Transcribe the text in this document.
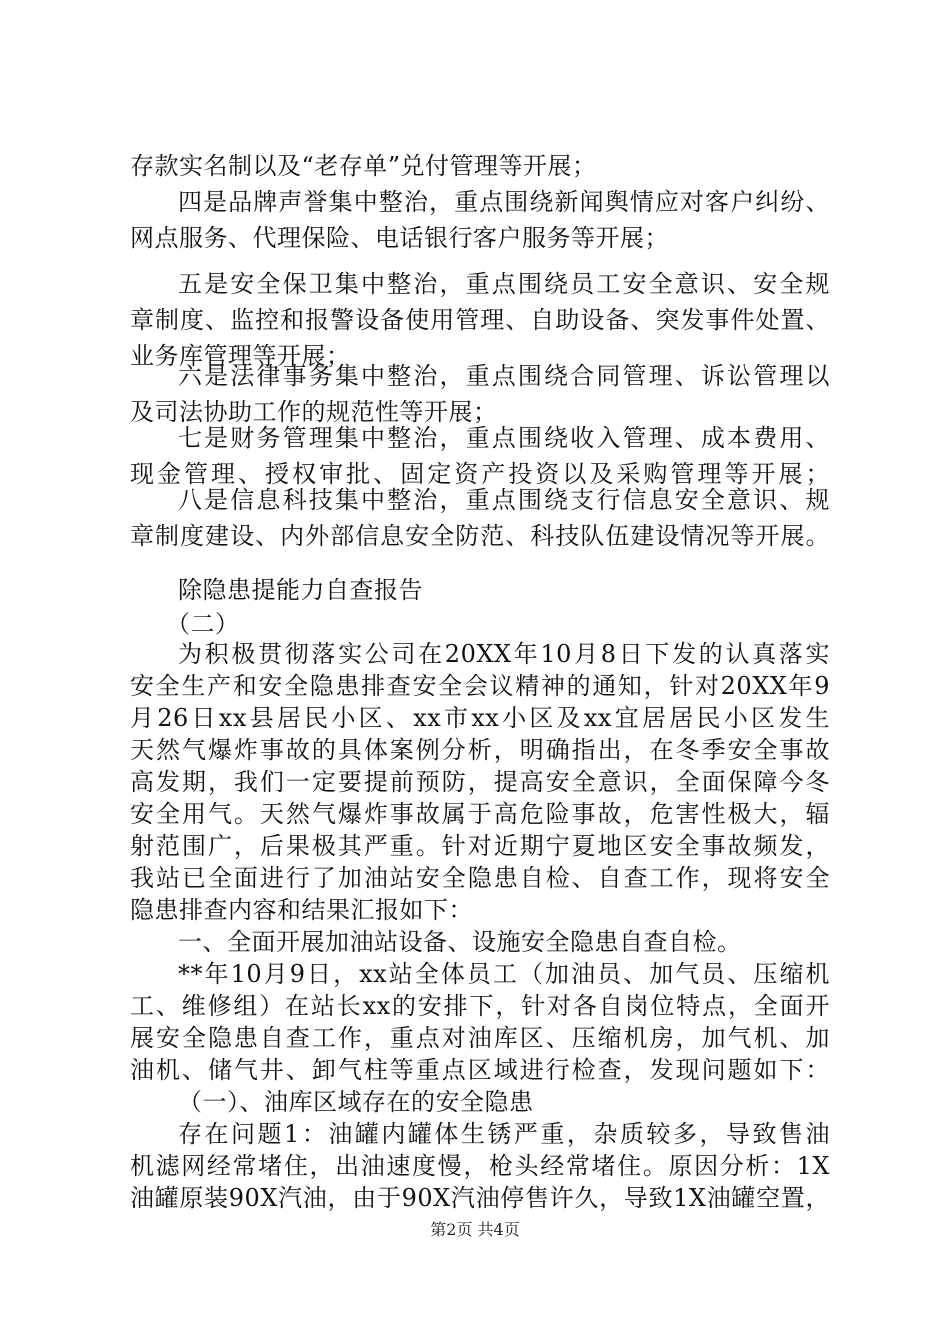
存款实名制以及“老存单”兑付管理等开展；
四是品牌声誉集中整治，重点围绕新闻舆情应对客户纠纷、
网点服务、代理保险、电话银行客户服务等开展；
五是安全保卫集中整治，重点围绕员工安全意识、安全规
章制度、监控和报警设备使用管理、自助设备、突发事件处置、
业务库管理等开展；
六是法律事务集中整治，重点围绕合同管理、诉讼管理以
及司法协助工作的规范性等开展；
七是财务管理集中整治，重点围绕收入管理、成本费用、
现金管理、授权审批、固定资产投资以及采购管理等开展；
八是信息科技集中整治，重点围绕支行信息安全意识、规
章制度建设、内外部信息安全防范、科技队伍建设情况等开展。
除隐患提能力自查报告
（二）
为积极贯彻落实公司在20XX年10月8日下发的认真落实
安全生产和安全隐患排查安全会议精神的通知，针对20XX年9
月26日xx县居民小区、xx市xx小区及xx宜居居民小区发生
天然气爆炸事故的具体案例分析，明确指出，在冬季安全事故
高发期，我们一定要提前预防，提高安全意识，全面保障今冬
安全用气。天然气爆炸事故属于高危险事故，危害性极大，辐
射范围广，后果极其严重。针对近期宁夏地区安全事故频发，
我站已全面进行了加油站安全隐患自检、自查工作，现将安全
隐患排查内容和结果汇报如下：
一、全面开展加油站设备、设施安全隐患自查自检。
**年10月9日，xx站全体员工（加油员、加气员、压缩机
工、维修组）在站长xx的安排下，针对各自岗位特点，全面开
展安全隐患自查工作，重点对油库区、压缩机房，加气机、加
油机、储气井、卸气柱等重点区域进行检查，发现问题如下：
（一）、油库区域存在的安全隐患
存在问题1：油罐内罐体生锈严重，杂质较多，导致售油
第2页 共4页
机滤网经常堵住，出油速度慢，枪头经常堵住。原因分析：1X
油罐原装90X汽油，由于90X汽油停售许久，导致1X油罐空置，
